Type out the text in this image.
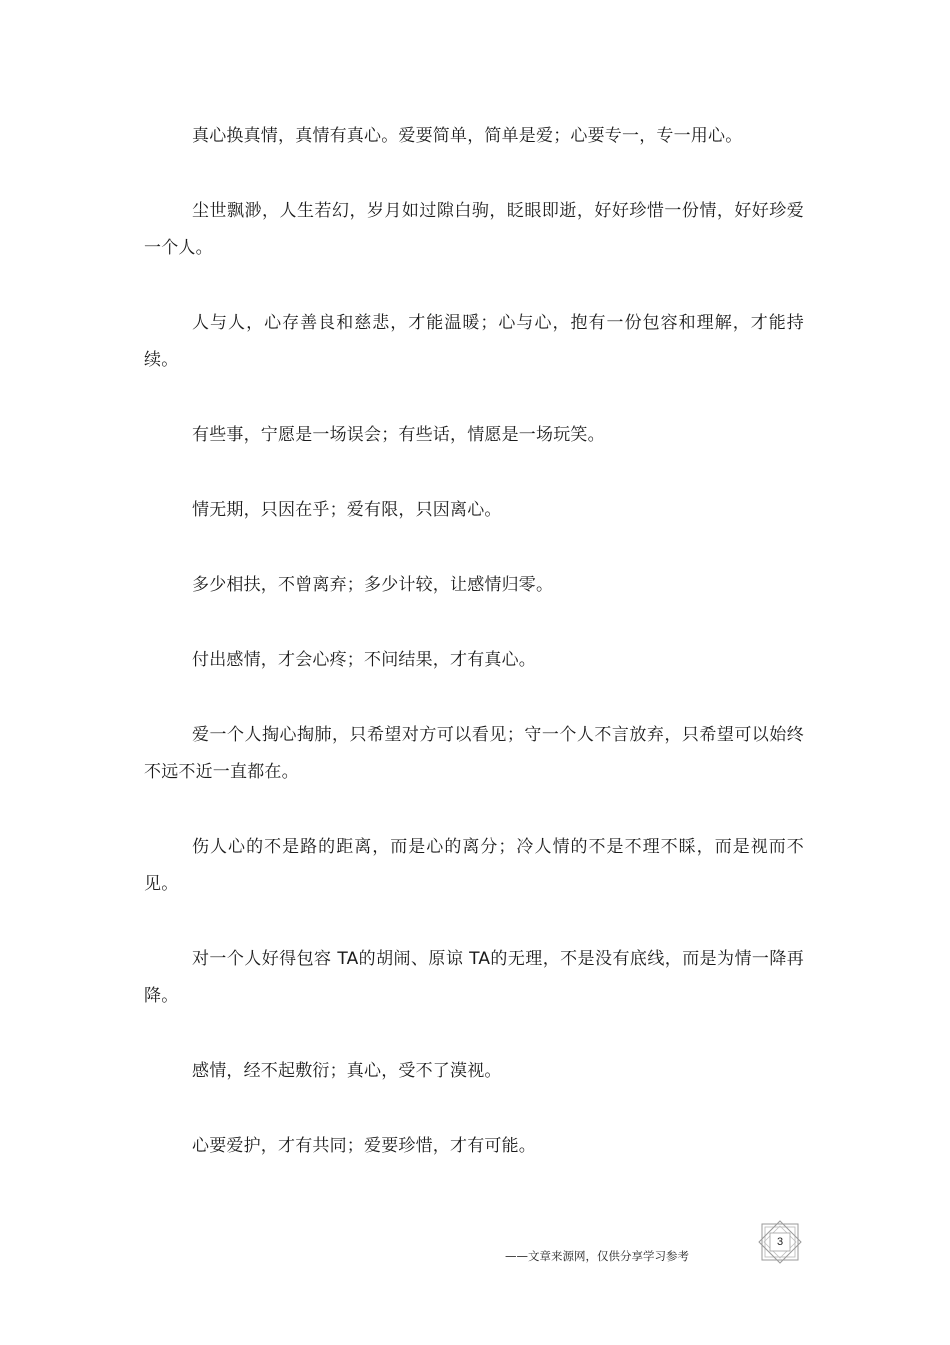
真心换真情，真情有真心。爱要简单，简单是爱；心要专一，专一用心。

尘世飘渺，人生若幻，岁月如过隙白驹，眨眼即逝，好好珍惜一份情，好好珍爱一个人。

人与人，心存善良和慈悲，才能温暖；心与心，抱有一份包容和理解，才能持续。

有些事，宁愿是一场误会；有些话，情愿是一场玩笑。

情无期，只因在乎；爱有限，只因离心。

多少相扶，不曾离弃；多少计较，让感情归零。

付出感情，才会心疼；不问结果，才有真心。

爱一个人掏心掏肺，只希望对方可以看见；守一个人不言放弃，只希望可以始终不远不近一直都在。

伤人心的不是路的距离，而是心的离分；冷人情的不是不理不睬，而是视而不见。

对一个人好得包容 TA的胡闹、原谅 TA的无理，不是没有底线，而是为情一降再降。

感情，经不起敷衍；真心，受不了漠视。

心要爱护，才有共同；爱要珍惜，才有可能。

——文章来源网，仅供分享学习参考
3
